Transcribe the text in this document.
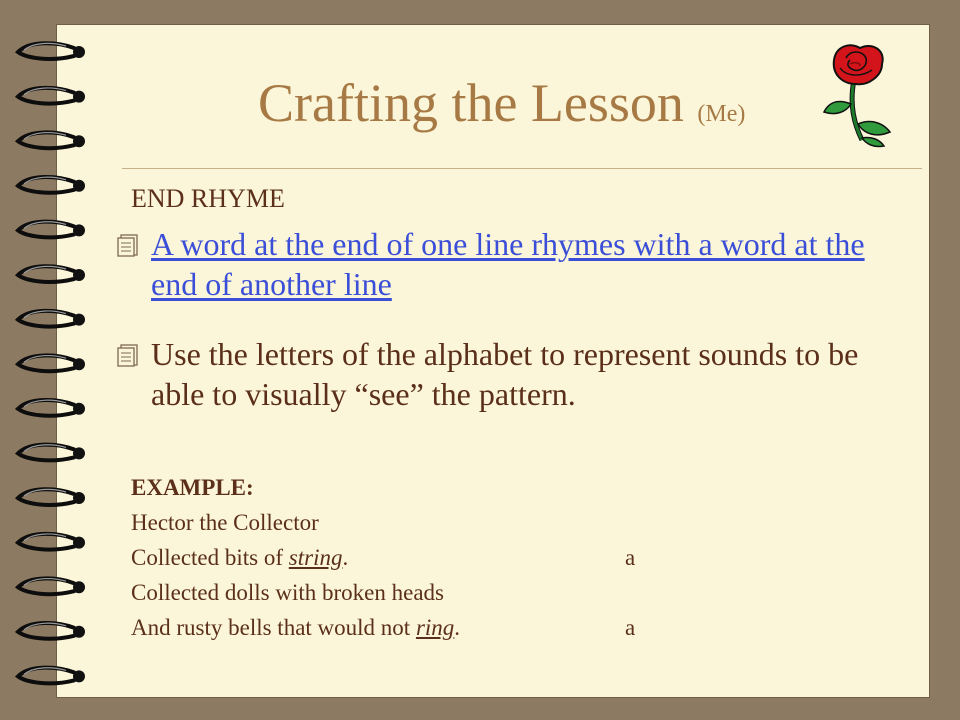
Crafting the Lesson (Me)
END RHYME
A word at the end of one line rhymes with a word at the end of another line
Use the letters of the alphabet to represent sounds to be able to visually “see” the pattern.
EXAMPLE:
Hector the Collector
Collected bits of string.	a
Collected dolls with broken heads
And rusty bells that would not ring.	a
